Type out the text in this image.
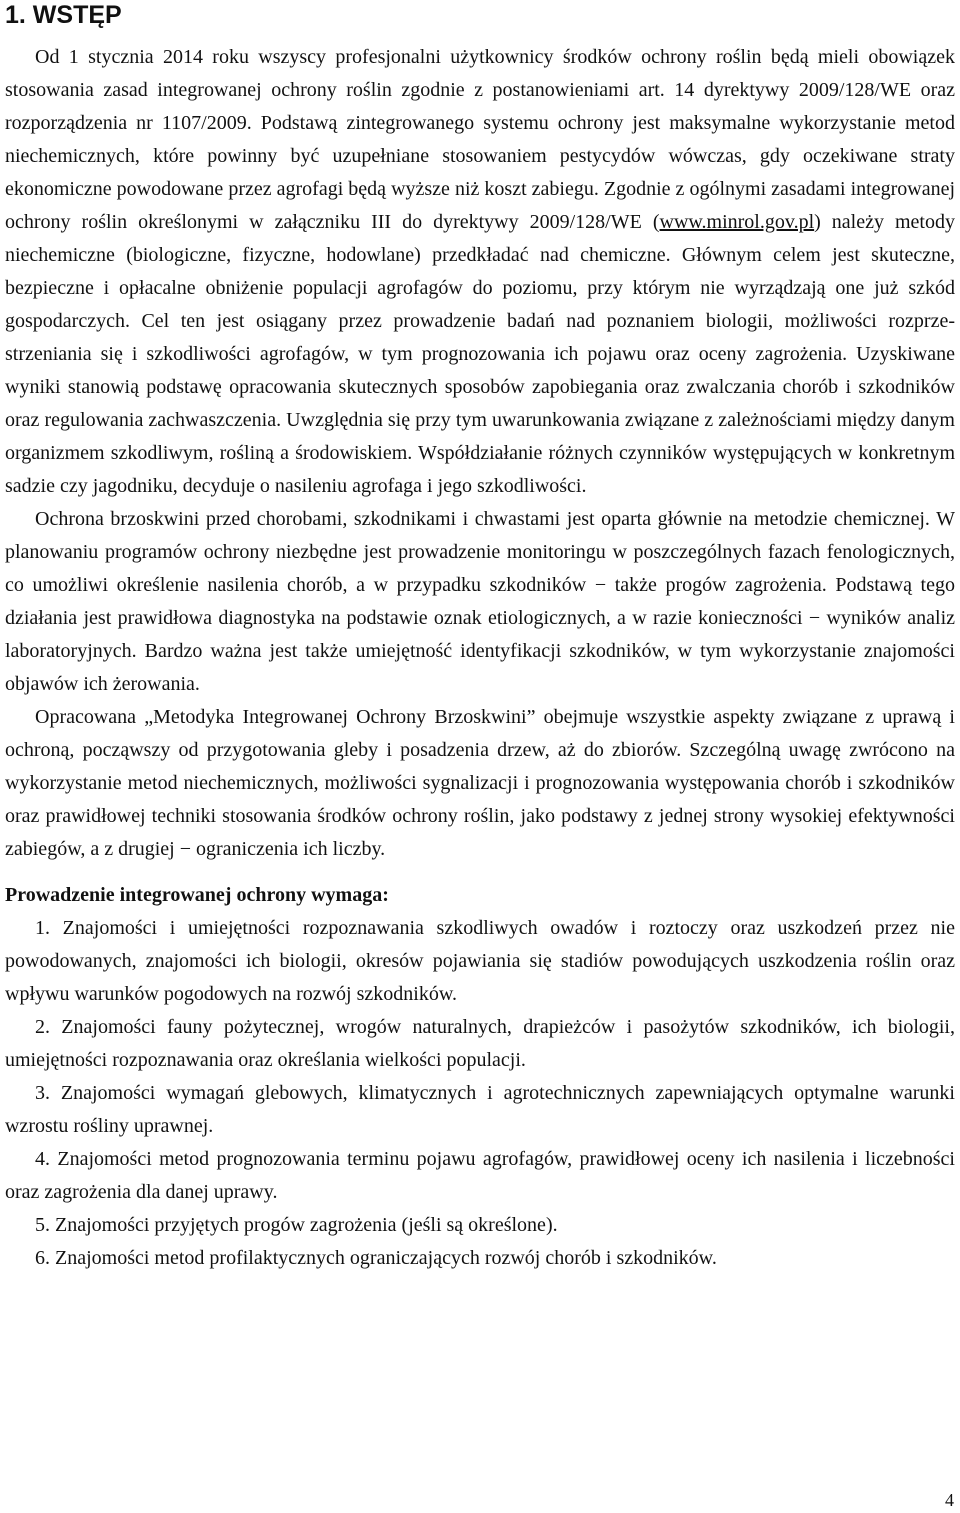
1. WSTĘP

Od 1 stycznia 2014 roku wszyscy profesjonalni użytkownicy środków ochrony roślin będą mieli obowiązek stosowania zasad integrowanej ochrony roślin zgodnie z postanowieniami art. 14 dyrektywy 2009/128/WE oraz rozporządzenia nr 1107/2009. Podstawą zintegrowanego systemu ochrony jest maksymalne wykorzystanie metod niechemicznych, które powinny być uzupełniane stosowaniem pestycydów wówczas, gdy oczekiwane straty ekonomiczne powodowane przez agrofagi będą wyższe niż koszt zabiegu. Zgodnie z ogólnymi zasadami integrowanej ochrony roślin określonymi w załączniku III do dyrektywy 2009/128/WE (www.minrol.gov.pl) należy metody niechemiczne (biologiczne, fizyczne, hodowlane) przedkładać nad chemiczne. Głównym celem jest skuteczne, bezpieczne i opłacalne obniżenie populacji agrofagów do poziomu, przy którym nie wyrządzają one już szkód gospodarczych. Cel ten jest osiągany przez prowadzenie badań nad poznaniem biologii, możliwości rozprzestrzeniania się i szkodliwości agrofagów, w tym prognozowania ich pojawu oraz oceny zagrożenia. Uzyskiwane wyniki stanowią podstawę opracowania skutecznych sposobów zapobiegania oraz zwalczania chorób i szkodników oraz regulowania zachwaszczenia. Uwzględnia się przy tym uwarunkowania związane z zależnościami między danym organizmem szkodliwym, rośliną a środowiskiem. Współdziałanie różnych czynników występujących w konkretnym sadzie czy jagodniku, decyduje o nasileniu agrofaga i jego szkodliwości.

Ochrona brzoskwini przed chorobami, szkodnikami i chwastami jest oparta głównie na metodzie chemicznej. W planowaniu programów ochrony niezbędne jest prowadzenie monitoringu w poszczególnych fazach fenologicznych, co umożliwi określenie nasilenia chorób, a w przypadku szkodników − także progów zagrożenia. Podstawą tego działania jest prawidłowa diagnostyka na podstawie oznak etiologicznych, a w razie konieczności − wyników analiz laboratoryjnych. Bardzo ważna jest także umiejętność identyfikacji szkodników, w tym wykorzystanie znajomości objawów ich żerowania.

Opracowana „Metodyka Integrowanej Ochrony Brzoskwini” obejmuje wszystkie aspekty związane z uprawą i ochroną, począwszy od przygotowania gleby i posadzenia drzew, aż do zbiorów. Szczególną uwagę zwrócono na wykorzystanie metod niechemicznych, możliwości sygnalizacji i prognozowania występowania chorób i szkodników oraz prawidłowej techniki stosowania środków ochrony roślin, jako podstawy z jednej strony wysokiej efektywności zabiegów, a z drugiej − ograniczenia ich liczby.

Prowadzenie integrowanej ochrony wymaga:

1. Znajomości i umiejętności rozpoznawania szkodliwych owadów i roztoczy oraz uszkodzeń przez nie powodowanych, znajomości ich biologii, okresów pojawiania się stadiów powodujących uszkodzenia roślin oraz wpływu warunków pogodowych na rozwój szkodników.
2. Znajomości fauny pożytecznej, wrogów naturalnych, drapieżców i pasożytów szkodników, ich biologii, umiejętności rozpoznawania oraz określania wielkości populacji.
3. Znajomości wymagań glebowych, klimatycznych i agrotechnicznych zapewniających optymalne warunki wzrostu rośliny uprawnej.
4. Znajomości metod prognozowania terminu pojawu agrofagów, prawidłowej oceny ich nasilenia i liczebności oraz zagrożenia dla danej uprawy.
5. Znajomości przyjętych progów zagrożenia (jeśli są określone).
6. Znajomości metod profilaktycznych ograniczających rozwój chorób i szkodników.
4
